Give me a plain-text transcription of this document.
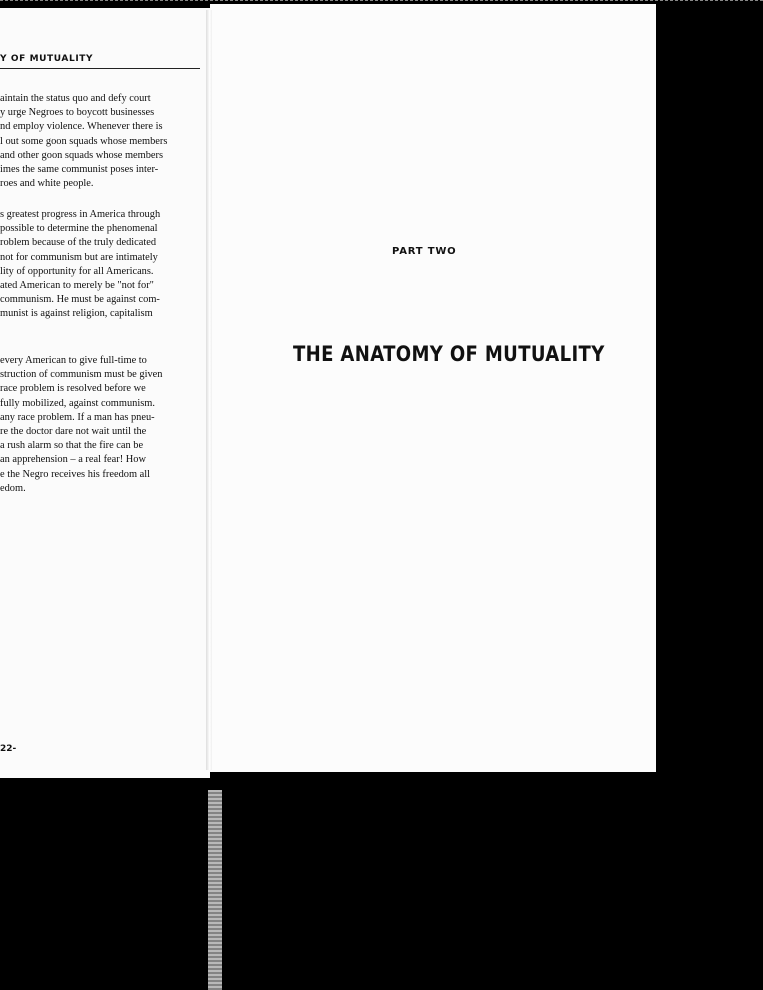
Y OF MUTUALITY

aintain the status quo and defy court
y urge Negroes to boycott businesses
nd employ violence. Whenever there is
l out some goon squads whose members
and other goon squads whose members
imes the same communist poses inter-
roes and white people.

s greatest progress in America through
possible to determine the phenomenal
roblem because of the truly dedicated
not for communism but are intimately
lity of opportunity for all Americans.
ated American to merely be "not for"
communism. He must be against com-
munist is against religion, capitalism

every American to give full-time to
struction of communism must be given
race problem is resolved before we
fully mobilized, against communism.
any race problem. If a man has pneu-
re the doctor dare not wait until the
a rush alarm so that the fire can be
an apprehension – a real fear! How
e the Negro receives his freedom all
edom.

22-
PART TWO
THE ANATOMY OF MUTUALITY
